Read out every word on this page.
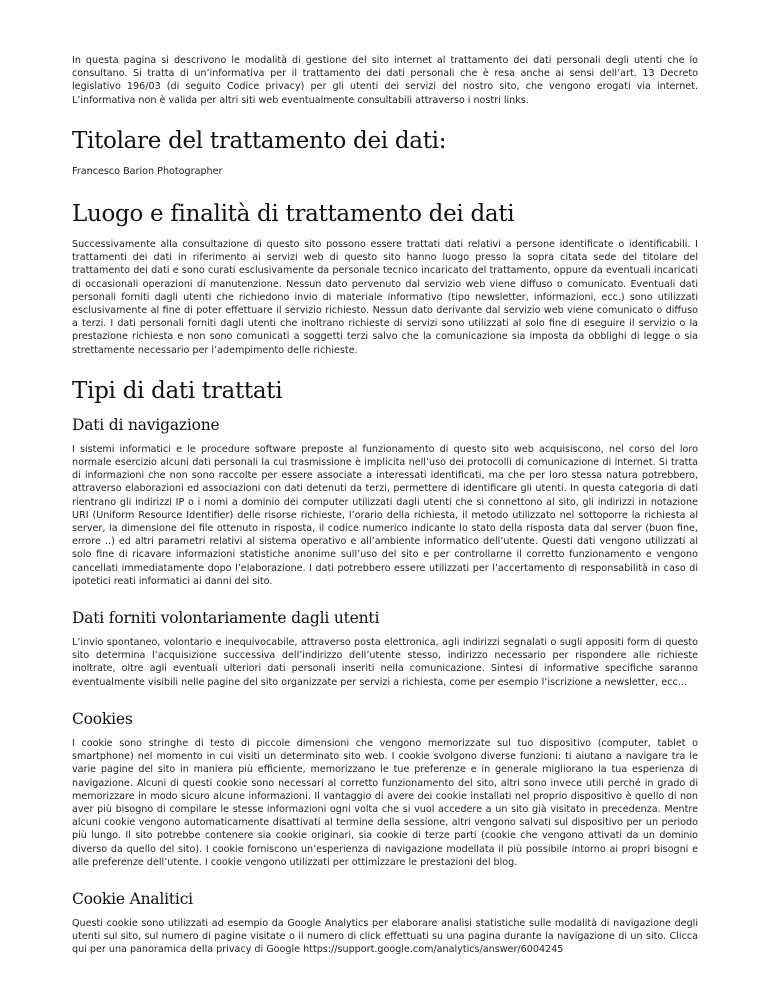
In questa pagina si descrivono le modalità di gestione del sito internet al trattamento dei dati personali degli utenti che lo consultano. Si tratta di un’informativa per il trattamento dei dati personali che è resa anche ai sensi dell’art. 13 Decreto legislativo 196/03 (di seguito Codice privacy) per gli utenti dei servizi del nostro sito, che vengono erogati via internet. L’informativa non è valida per altri siti web eventualmente consultabili attraverso i nostri links.

Titolare del trattamento dei dati:

Francesco Barion Photographer

Luogo e finalità di trattamento dei dati

Successivamente alla consultazione di questo sito possono essere trattati dati relativi a persone identificate o identificabili. I trattamenti dei dati in riferimento ai servizi web di questo sito hanno luogo presso la sopra citata sede del titolare del trattamento dei dati e sono curati esclusivamente da personale tecnico incaricato del trattamento, oppure da eventuali incaricati di occasionali operazioni di manutenzione. Nessun dato pervenuto dal servizio web viene diffuso o comunicato. Eventuali dati personali forniti dagli utenti che richiedono invio di materiale informativo (tipo newsletter, informazioni, ecc.) sono utilizzati esclusivamente al fine di poter effettuare il servizio richiesto. Nessun dato derivante dal servizio web viene comunicato o diffuso a terzi. I dati personali forniti dagli utenti che inoltrano richieste di servizi sono utilizzati al solo fine di eseguire il servizio o la prestazione richiesta e non sono comunicati a soggetti terzi salvo che la comunicazione sia imposta da obblighi di legge o sia strettamente necessario per l’adempimento delle richieste.

Tipi di dati trattati
Dati di navigazione

I sistemi informatici e le procedure software preposte al funzionamento di questo sito web acquisiscono, nel corso del loro normale esercizio alcuni dati personali la cui trasmissione è implicita nell’uso dei protocolli di comunicazione di internet. Si tratta di informazioni che non sono raccolte per essere associate a interessati identificati, ma che per loro stessa natura potrebbero, attraverso elaborazioni ed associazioni con dati detenuti da terzi, permettere di identificare gli utenti. In questa categoria di dati rientrano gli indirizzi IP o i nomi a dominio dei computer utilizzati dagli utenti che si connettono al sito, gli indirizzi in notazione URI (Uniform Resource Identifier) delle risorse richieste, l’orario della richiesta, il metodo utilizzato nel sottoporre la richiesta al server, la dimensione del file ottenuto in risposta, il codice numerico indicante lo stato della risposta data dal server (buon fine, errore ..) ed altri parametri relativi al sistema operativo e all’ambiente informatico dell’utente. Questi dati vengono utilizzati al solo fine di ricavare informazioni statistiche anonime sull’uso del sito e per controllarne il corretto funzionamento e vengono cancellati immediatamente dopo l’elaborazione. I dati potrebbero essere utilizzati per l’accertamento di responsabilità in caso di ipotetici reati informatici ai danni del sito.

Dati forniti volontariamente dagli utenti

L’invio spontaneo, volontario e inequivocabile, attraverso posta elettronica, agli indirizzi segnalati o sugli appositi form di questo sito determina l’acquisizione successiva dell’indirizzo dell’utente stesso, indirizzo necessario per rispondere alle richieste inoltrate, oltre agli eventuali ulteriori dati personali inseriti nella comunicazione. Sintesi di informative specifiche saranno eventualmente visibili nelle pagine del sito organizzate per servizi a richiesta, come per esempio l’iscrizione a newsletter, ecc…

Cookies

I cookie sono stringhe di testo di piccole dimensioni che vengono memorizzate sul tuo dispositivo (computer, tablet o smartphone) nel momento in cui visiti un determinato sito web. I cookie svolgono diverse funzioni: ti aiutano a navigare tra le varie pagine del sito in maniera più efficiente, memorizzano le tue preferenze e in generale migliorano la tua esperienza di navigazione. Alcuni di questi cookie sono necessari al corretto funzionamento del sito, altri sono invece utili perché in grado di memorizzare in modo sicuro alcune informazioni. Il vantaggio di avere dei cookie installati nel proprio dispositivo è quello di non aver più bisogno di compilare le stesse informazioni ogni volta che si vuol accedere a un sito già visitato in precedenza. Mentre alcuni cookie vengono automaticamente disattivati al termine della sessione, altri vengono salvati sul dispositivo per un periodo più lungo. Il sito potrebbe contenere sia cookie originari, sia cookie di terze parti (cookie che vengono attivati da un dominio diverso da quello del sito). I cookie forniscono un’esperienza di navigazione modellata il più possibile intorno ai propri bisogni e alle preferenze dell’utente. I cookie vengono utilizzati per ottimizzare le prestazioni del blog.

Cookie Analitici

Questi cookie sono utilizzati ad esempio da Google Analytics per elaborare analisi statistiche sulle modalità di navigazione degli utenti sul sito, sul numero di pagine visitate o il numero di click effettuati su una pagina durante la navigazione di un sito. Clicca qui per una panoramica della privacy di Google https://support.google.com/analytics/answer/6004245
